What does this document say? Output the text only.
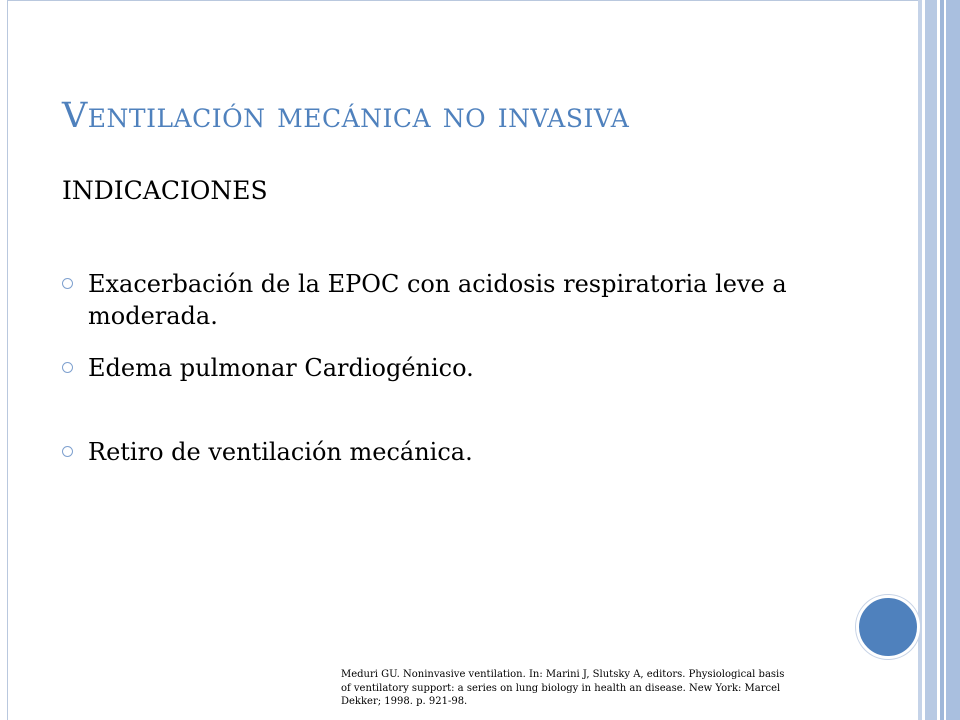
Ventilación mecánica no invasiva
INDICACIONES
Exacerbación de la EPOC con acidosis respiratoria leve a moderada.
Edema pulmonar Cardiogénico.
Retiro de ventilación mecánica.
Meduri GU. Noninvasive ventilation. In: Marini J, Slutsky A, editors. Physiological basis of ventilatory support: a series on lung biology in health an disease. New York: Marcel Dekker; 1998. p. 921-98.
